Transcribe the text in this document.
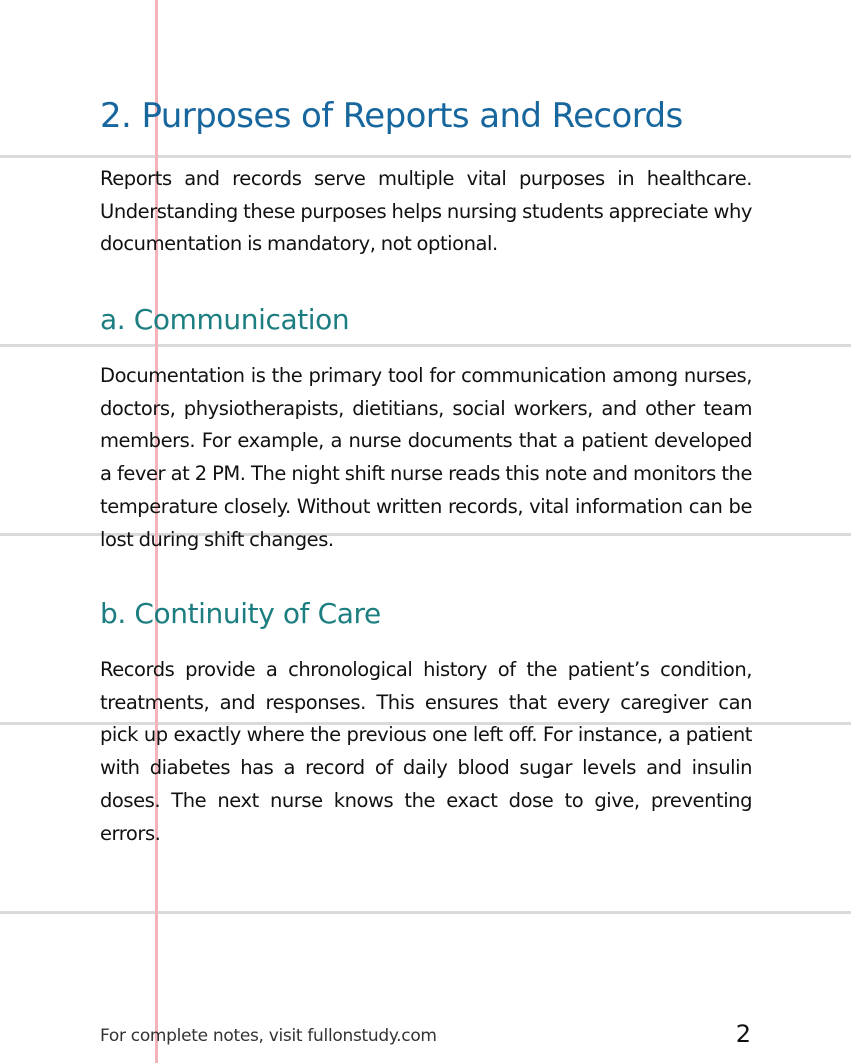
2. Purposes of Reports and Records

Reports and records serve multiple vital purposes in healthcare. Understanding these purposes helps nursing students appreciate why documentation is mandatory, not optional.

a. Communication

Documentation is the primary tool for communication among nurses, doctors, physiotherapists, dietitians, social workers, and other team members. For example, a nurse documents that a patient developed a fever at 2 PM. The night shift nurse reads this note and monitors the temperature closely. Without written records, vital information can be lost during shift changes.

b. Continuity of Care

Records provide a chronological history of the patient’s condition, treatments, and responses. This ensures that every caregiver can pick up exactly where the previous one left off. For instance, a patient with diabetes has a record of daily blood sugar levels and insulin doses. The next nurse knows the exact dose to give, preventing errors.

For complete notes, visit fullonstudy.com	2
